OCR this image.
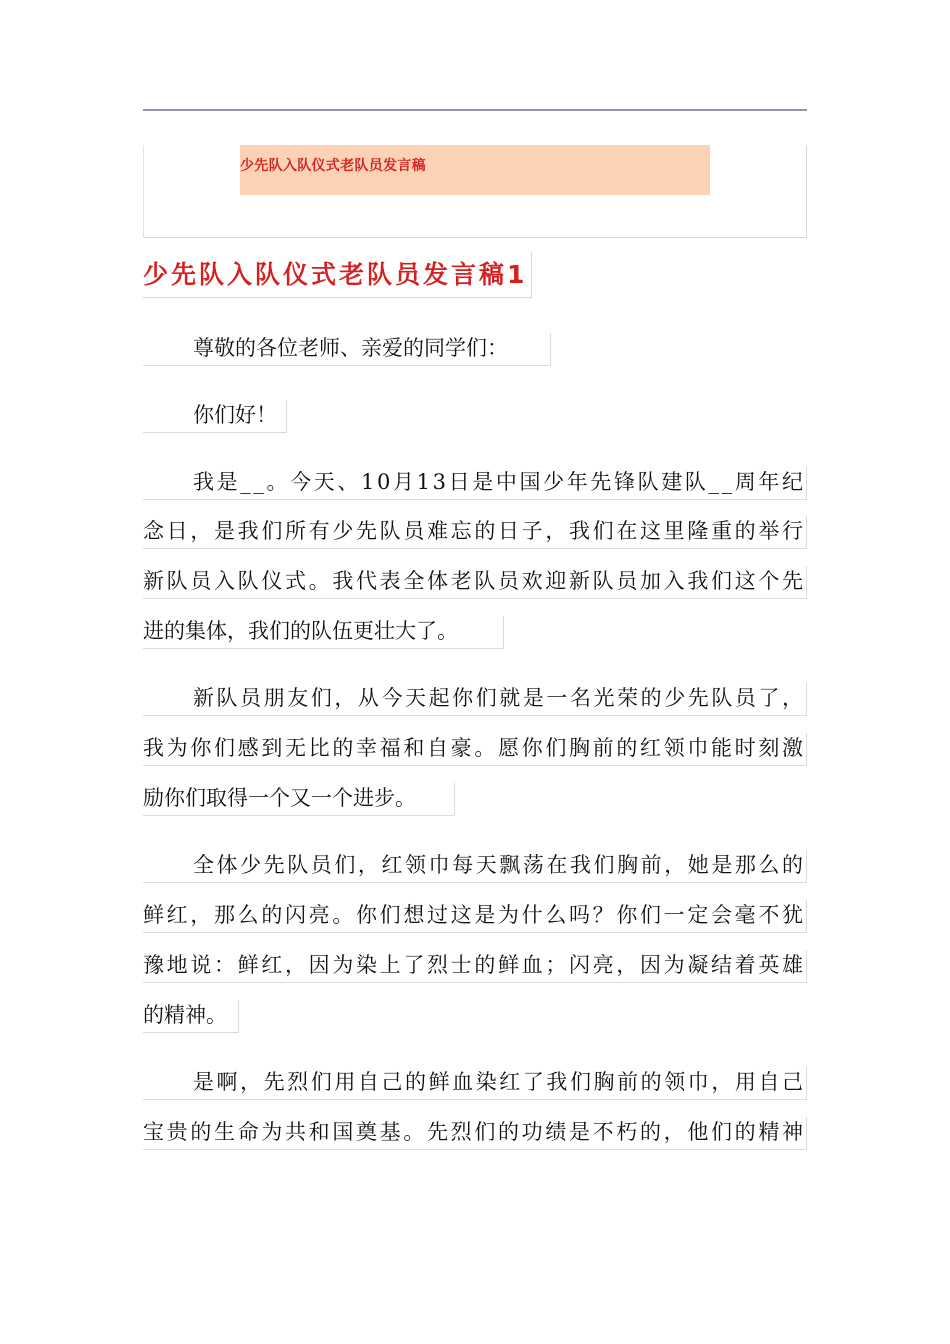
少先队入队仪式老队员发言稿
少先队入队仪式老队员发言稿1
尊敬的各位老师、亲爱的同学们：
你们好！
我是__。今天、10月13日是中国少年先锋队建队__周年纪
念日，是我们所有少先队员难忘的日子，我们在这里隆重的举行
新队员入队仪式。我代表全体老队员欢迎新队员加入我们这个先
进的集体，我们的队伍更壮大了。
新队员朋友们，从今天起你们就是一名光荣的少先队员了，
我为你们感到无比的幸福和自豪。愿你们胸前的红领巾能时刻激
励你们取得一个又一个进步。
全体少先队员们，红领巾每天飘荡在我们胸前，她是那么的
鲜红，那么的闪亮。你们想过这是为什么吗？你们一定会毫不犹
豫地说：鲜红，因为染上了烈士的鲜血；闪亮，因为凝结着英雄
的精神。
是啊，先烈们用自己的鲜血染红了我们胸前的领巾，用自己
宝贵的生命为共和国奠基。先烈们的功绩是不朽的，他们的精神
